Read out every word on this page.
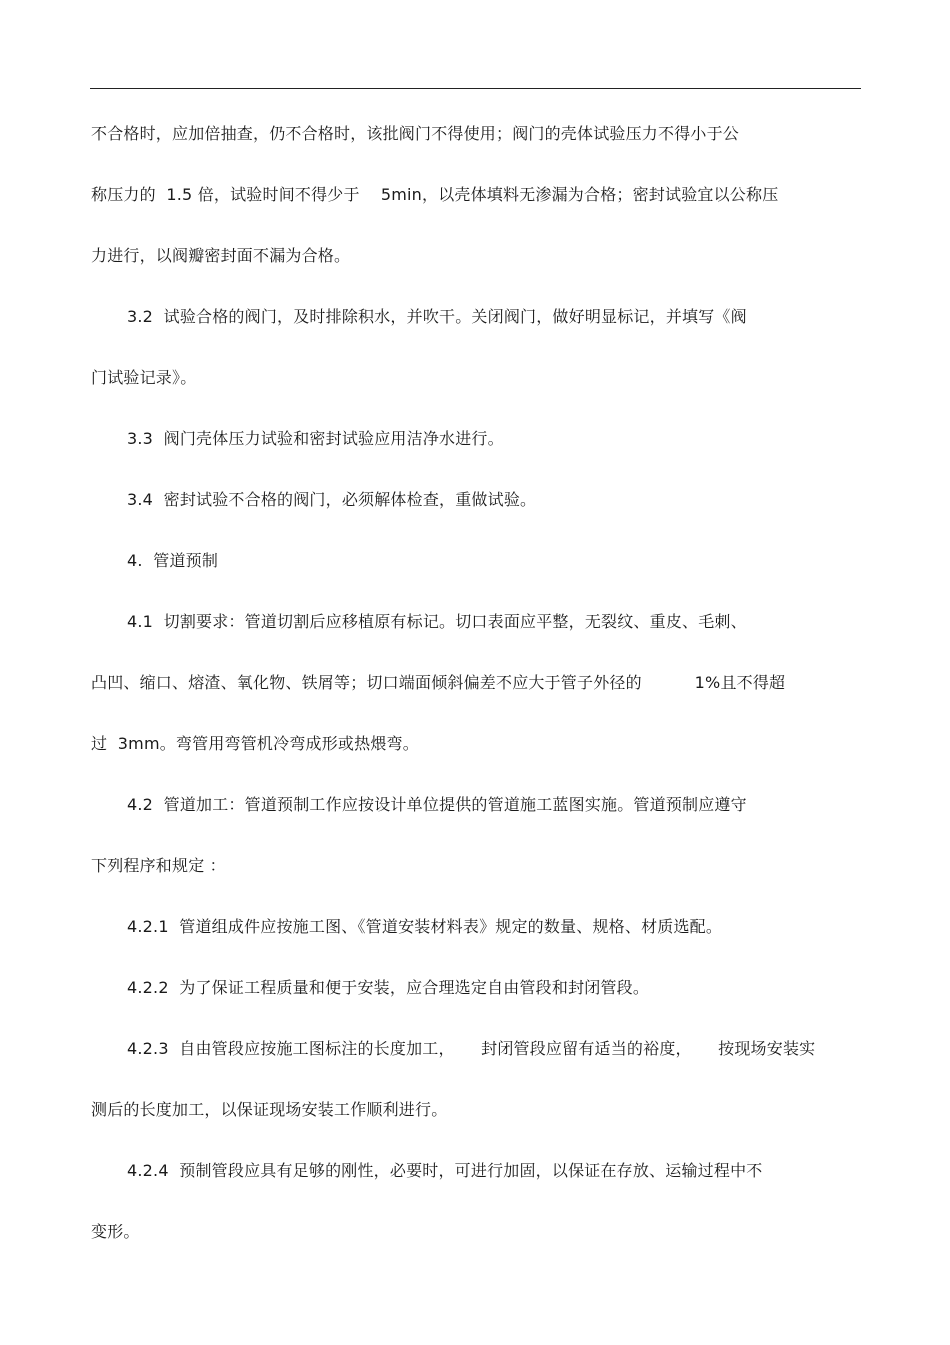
不合格时，应加倍抽查，仍不合格时，该批阀门不得使用；阀门的壳体试验压力不得小于公
称压力的  1.5 倍，试验时间不得少于    5min，以壳体填料无渗漏为合格；密封试验宜以公称压
力进行，以阀瓣密封面不漏为合格。
3.2  试验合格的阀门，及时排除积水，并吹干。关闭阀门，做好明显标记，并填写《阀
门试验记录》。
3.3  阀门壳体压力试验和密封试验应用洁净水进行。
3.4  密封试验不合格的阀门，必须解体检查，重做试验。
4.  管道预制
4.1  切割要求：管道切割后应移植原有标记。切口表面应平整，无裂纹、重皮、毛刺、
凸凹、缩口、熔渣、氧化物、铁屑等；切口端面倾斜偏差不应大于管子外径的          1%且不得超
过  3mm。弯管用弯管机冷弯成形或热煨弯。
4.2  管道加工：管道预制工作应按设计单位提供的管道施工蓝图实施。管道预制应遵守
下列程序和规定 ：
4.2.1  管道组成件应按施工图、《管道安装材料表》规定的数量、规格、材质选配。
4.2.2  为了保证工程质量和便于安装，应合理选定自由管段和封闭管段。
4.2.3  自由管段应按施工图标注的长度加工，     封闭管段应留有适当的裕度，     按现场安装实
测后的长度加工，以保证现场安装工作顺利进行。
4.2.4  预制管段应具有足够的刚性，必要时，可进行加固，以保证在存放、运输过程中不
变形。
